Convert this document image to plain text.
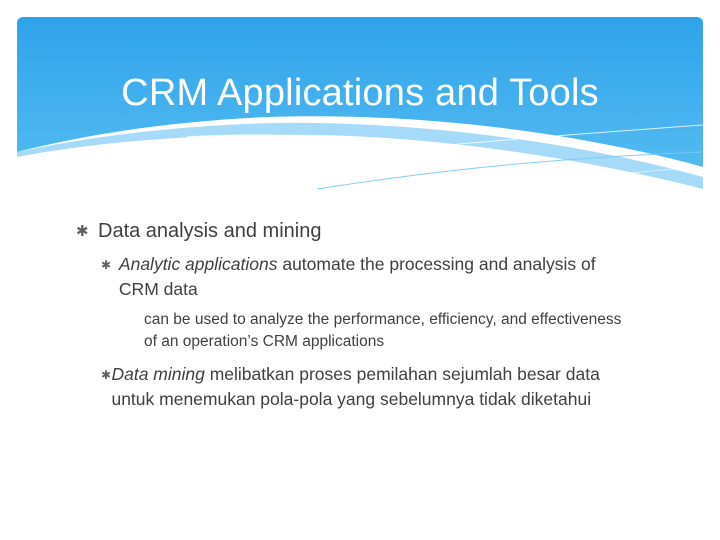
CRM Applications and Tools
✱ Data analysis and mining
✱ Analytic applications automate the processing and analysis of CRM data
can be used to analyze the performance, efficiency, and effectiveness of an operation’s CRM applications
✱ Data mining melibatkan proses pemilahan sejumlah besar data untuk menemukan pola-pola yang sebelumnya tidak diketahui
